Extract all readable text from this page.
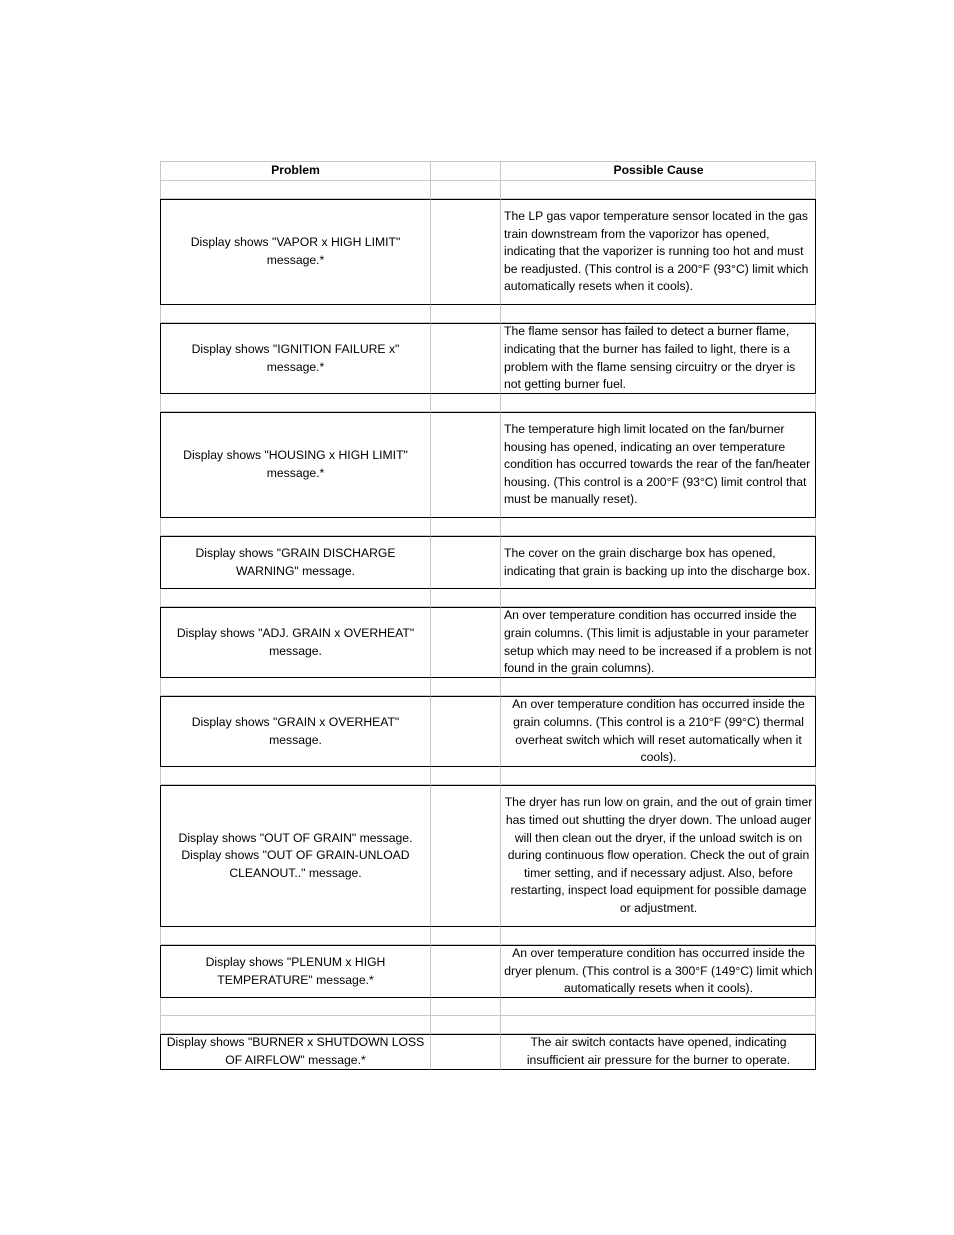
Problem	Possible Cause
Display shows "VAPOR x HIGH LIMIT" message.*
The LP gas vapor temperature sensor located in the gas train downstream from the vaporizor has opened, indicating that the vaporizer is running too hot and must be readjusted. (This control is a 200°F (93°C) limit which automatically resets when it cools).
Display shows "IGNITION FAILURE x" message.*
The flame sensor has failed to detect a burner flame, indicating that the burner has failed to light, there is a problem with the flame sensing circuitry or the dryer is not getting burner fuel.
Display shows "HOUSING x HIGH LIMIT" message.*
The temperature high limit located on the fan/burner housing has opened, indicating an over temperature condition has occurred towards the rear of the fan/heater housing. (This control is a 200°F (93°C) limit control that must be manually reset).
Display shows "GRAIN DISCHARGE WARNING" message.
The cover on the grain discharge box has opened, indicating that grain is backing up into the discharge box.
Display shows "ADJ. GRAIN x OVERHEAT" message.
An over temperature condition has occurred inside the grain columns. (This limit is adjustable in your parameter setup which may need to be increased if a problem is not found in the grain columns).
Display shows "GRAIN x OVERHEAT" message.
An over temperature condition has occurred inside the grain columns. (This control is a 210°F (99°C) thermal overheat switch which will reset automatically when it cools).
Display shows "OUT OF GRAIN" message. Display shows "OUT OF GRAIN-UNLOAD CLEANOUT.." message.
The dryer has run low on grain, and the out of grain timer has timed out shutting the dryer down. The unload auger will then clean out the dryer, if the unload switch is on during continuous flow operation. Check the out of grain timer setting, and if necessary adjust. Also, before restarting, inspect load equipment for possible damage or adjustment.
Display shows "PLENUM x HIGH TEMPERATURE" message.*
An over temperature condition has occurred inside the dryer plenum. (This control is a 300°F (149°C) limit which automatically resets when it cools).
Display shows "BURNER x SHUTDOWN LOSS OF AIRFLOW" message.*
The air switch contacts have opened, indicating insufficient air pressure for the burner to operate.
